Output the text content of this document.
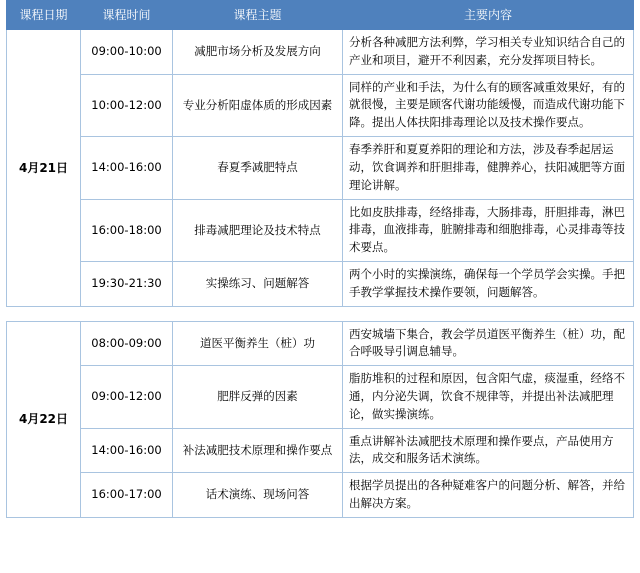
课程日期	课程时间	课程主题	主要内容
4月21日	09:00-10:00	减肥市场分析及发展方向	分析各种减肥方法利弊，学习相关专业知识结合自己的产业和项目，避开不利因素，充分发挥项目特长。
	10:00-12:00	专业分析阳虚体质的形成因素	同样的产业和手法，为什么有的顾客减重效果好，有的就很慢，主要是顾客代谢功能缓慢，而造成代谢功能下降。提出人体扶阳排毒理论以及技术操作要点。
	14:00-16:00	春夏季减肥特点	春季养肝和夏夏养阳的理论和方法，涉及春季起居运动，饮食调养和肝胆排毒，健脾养心，扶阳减肥等方面理论讲解。
	16:00-18:00	排毒减肥理论及技术特点	比如皮肤排毒，经络排毒，大肠排毒，肝胆排毒，淋巴排毒，血液排毒，脏腑排毒和细胞排毒，心灵排毒等技术要点。
	19:30-21:30	实操练习、问题解答	两个小时的实操演练，确保每一个学员学会实操。手把手教学掌握技术操作要领，问题解答。
4月22日	08:00-09:00	道医平衡养生（桩）功	西安城墙下集合，教会学员道医平衡养生（桩）功，配合呼吸导引调息辅导。
	09:00-12:00	肥胖反弹的因素	脂肪堆积的过程和原因，包含阳气虚，痰湿重，经络不通，内分泌失调，饮食不规律等，并提出补法减肥理论，做实操演练。
	14:00-16:00	补法减肥技术原理和操作要点	重点讲解补法减肥技术原理和操作要点，产品使用方法，成交和服务话术演练。
	16:00-17:00	话术演练、现场问答	根据学员提出的各种疑难客户的问题分析、解答，并给出解决方案。
